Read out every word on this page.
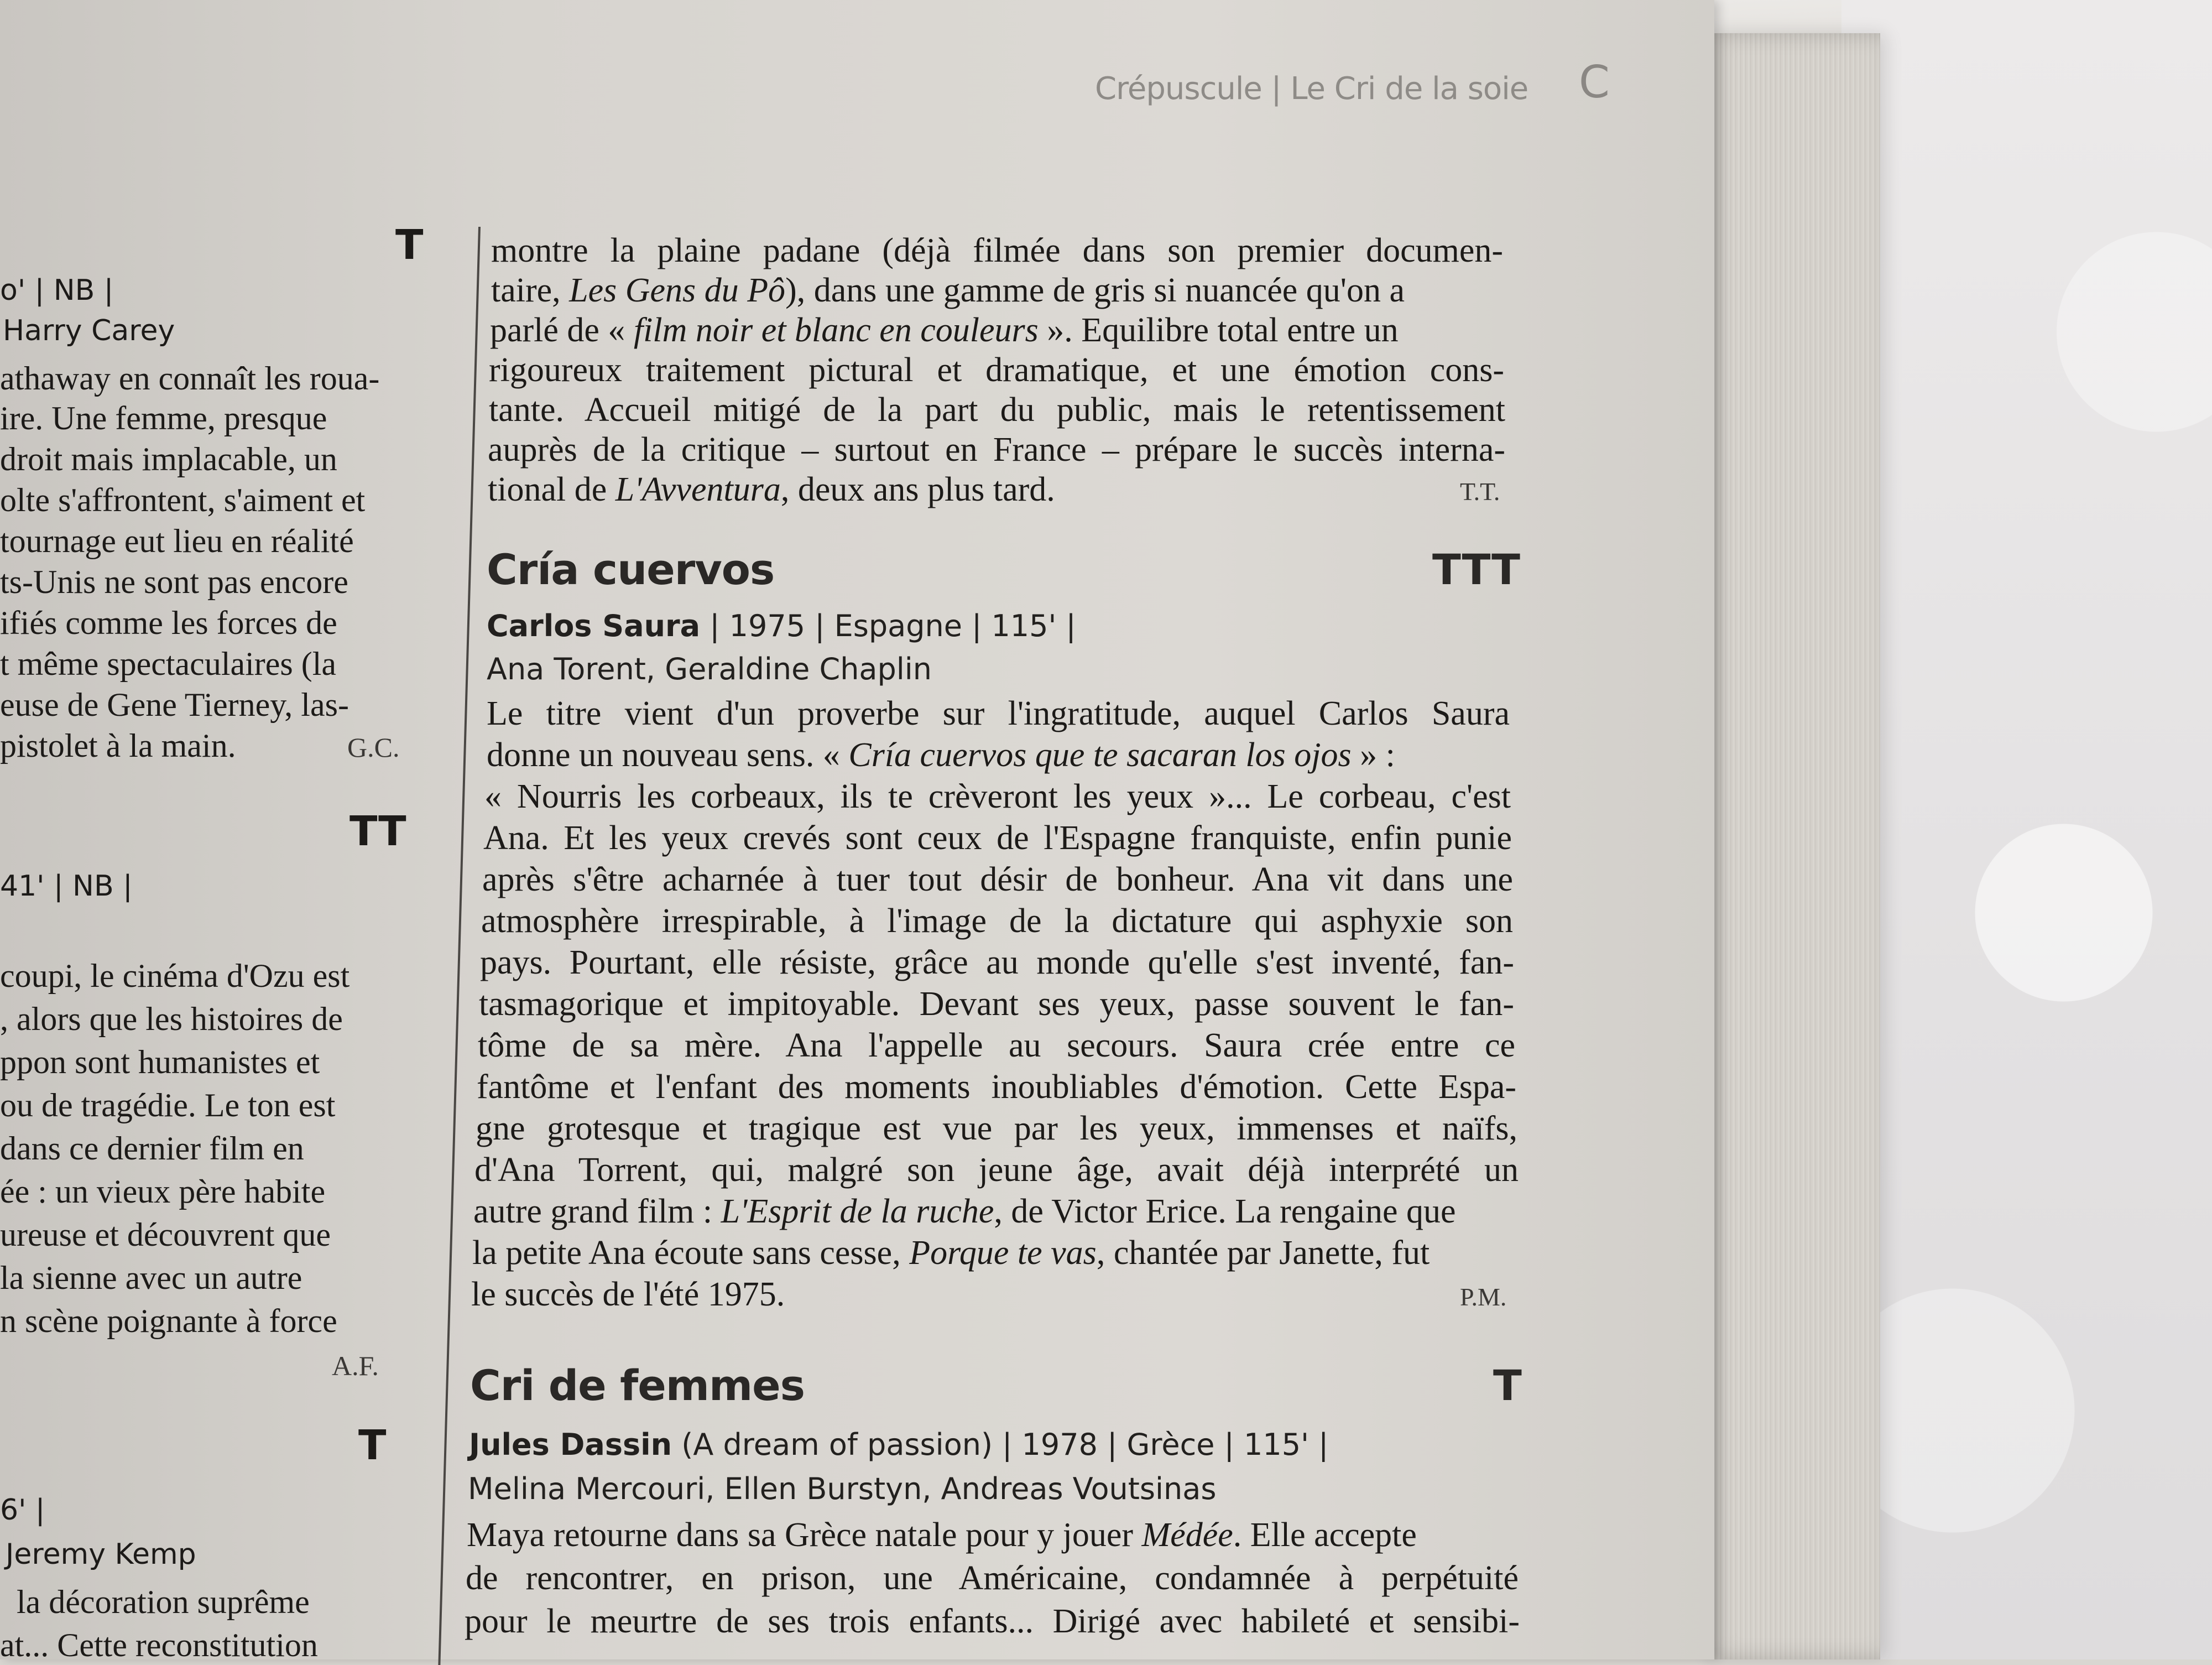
Crépuscule | Le Cri de la soie C
T
o' | NB |
Harry Carey
athaway en connaît les roua-
ire. Une femme, presque
droit mais implacable, un
olte s'affrontent, s'aiment et
tournage eut lieu en réalité
ts-Unis ne sont pas encore
ifiés comme les forces de
t même spectaculaires (la
euse de Gene Tierney, las-
pistolet à la main.	G.C.
TT
41' | NB |
coupi, le cinéma d'Ozu est
, alors que les histoires de
ppon sont humanistes et
ou de tragédie. Le ton est
dans ce dernier film en
ée : un vieux père habite
ureuse et découvrent que
la sienne avec un autre
n scène poignante à force
A.F.
T
6' |
Jeremy Kemp
la décoration suprême
at... Cette reconstitution
montre la plaine padane (déjà filmée dans son premier documen-
taire, Les Gens du Pô), dans une gamme de gris si nuancée qu'on a
parlé de « film noir et blanc en couleurs ». Equilibre total entre un
rigoureux traitement pictural et dramatique, et une émotion cons-
tante. Accueil mitigé de la part du public, mais le retentissement
auprès de la critique – surtout en France – prépare le succès interna-
tional de L'Avventura, deux ans plus tard.	T.T.
Cría cuervos	TTT
Carlos Saura | 1975 | Espagne | 115' |
Ana Torent, Geraldine Chaplin
Le titre vient d'un proverbe sur l'ingratitude, auquel Carlos Saura
donne un nouveau sens. « Cría cuervos que te sacaran los ojos » :
« Nourris les corbeaux, ils te crèveront les yeux »... Le corbeau, c'est
Ana. Et les yeux crevés sont ceux de l'Espagne franquiste, enfin punie
après s'être acharnée à tuer tout désir de bonheur. Ana vit dans une
atmosphère irrespirable, à l'image de la dictature qui asphyxie son
pays. Pourtant, elle résiste, grâce au monde qu'elle s'est inventé, fan-
tasmagorique et impitoyable. Devant ses yeux, passe souvent le fan-
tôme de sa mère. Ana l'appelle au secours. Saura crée entre ce
fantôme et l'enfant des moments inoubliables d'émotion. Cette Espa-
gne grotesque et tragique est vue par les yeux, immenses et naïfs,
d'Ana Torrent, qui, malgré son jeune âge, avait déjà interprété un
autre grand film : L'Esprit de la ruche, de Victor Erice. La rengaine que
la petite Ana écoute sans cesse, Porque te vas, chantée par Janette, fut
le succès de l'été 1975.	P.M.
Cri de femmes	T
Jules Dassin (A dream of passion) | 1978 | Grèce | 115' |
Melina Mercouri, Ellen Burstyn, Andreas Voutsinas
Maya retourne dans sa Grèce natale pour y jouer Médée. Elle accepte
de rencontrer, en prison, une Américaine, condamnée à perpétuité
pour le meurtre de ses trois enfants... Dirigé avec habileté et sensibi-
